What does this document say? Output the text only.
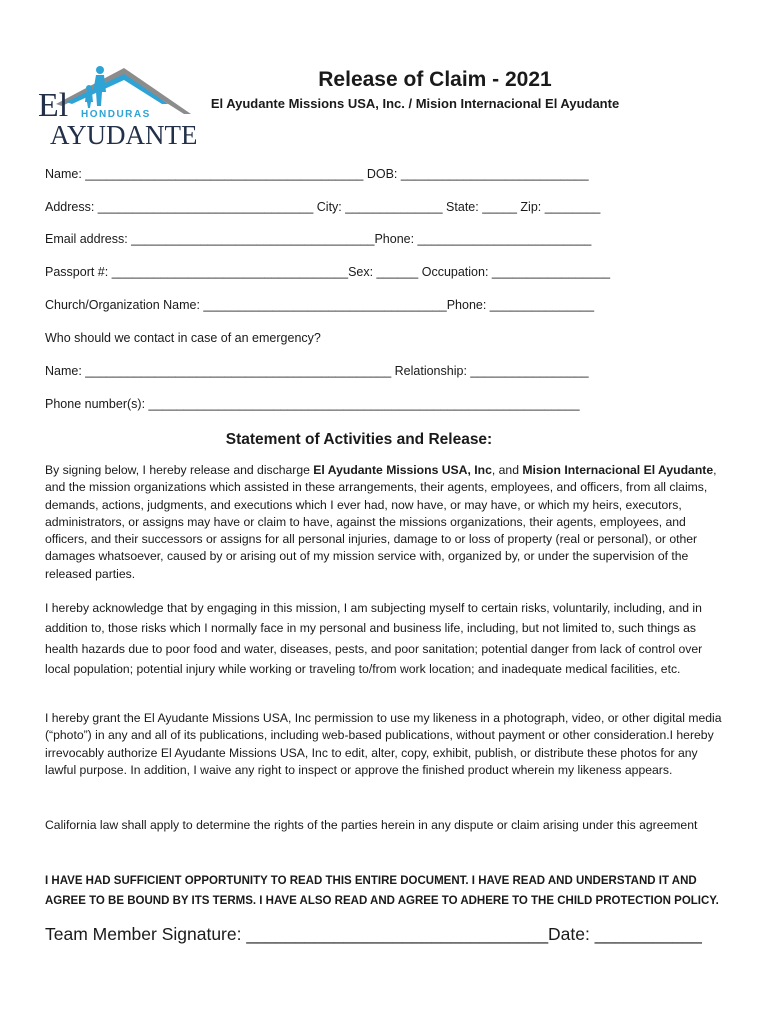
El HONDURAS
AYUDANTE
Release of Claim - 2021

El Ayudante Missions USA, Inc. / Mision Internacional El Ayudante

Name: ________________________________________ DOB: ___________________________

Address: _______________________________ City: ______________ State: _____ Zip: ________

Email address: ___________________________________Phone: _________________________

Passport #: __________________________________Sex: ______ Occupation: _________________

Church/Organization Name: ___________________________________Phone: _______________

Who should we contact in case of an emergency?

Name: ____________________________________________ Relationship: _________________

Phone number(s): ______________________________________________________________

Statement of Activities and Release:

By signing below, I hereby release and discharge El Ayudante Missions USA, Inc, and Mision Internacional El Ayudante, and the mission organizations which assisted in these arrangements, their agents, employees, and officers, from all claims, demands, actions, judgments, and executions which I ever had, now have, or may have, or which my heirs, executors, administrators, or assigns may have or claim to have, against the missions organizations, their agents, employees, and officers, and their successors or assigns for all personal injuries, damage to or loss of property (real or personal), or other damages whatsoever, caused by or arising out of my mission service with, organized by, or under the supervision of the released parties.

I hereby acknowledge that by engaging in this mission, I am subjecting myself to certain risks, voluntarily, including, and in addition to, those risks which I normally face in my personal and business life, including, but not limited to, such things as health hazards due to poor food and water, diseases, pests, and poor sanitation; potential danger from lack of control over local population; potential injury while working or traveling to/from work location; and inadequate medical facilities, etc.

I hereby grant the El Ayudante Missions USA, Inc permission to use my likeness in a photograph, video, or other digital media (“photo”) in any and all of its publications, including web-based publications, without payment or other consideration.I hereby irrevocably authorize El Ayudante Missions USA, Inc to edit, alter, copy, exhibit, publish, or distribute these photos for any lawful purpose. In addition, I waive any right to inspect or approve the finished product wherein my likeness appears.

California law shall apply to determine the rights of the parties herein in any dispute or claim arising under this agreement

I HAVE HAD SUFFICIENT OPPORTUNITY TO READ THIS ENTIRE DOCUMENT. I HAVE READ AND UNDERSTAND IT AND AGREE TO BE BOUND BY ITS TERMS. I HAVE ALSO READ AND AGREE TO ADHERE TO THE CHILD PROTECTION POLICY.

Team Member Signature: _______________________________Date: ___________
